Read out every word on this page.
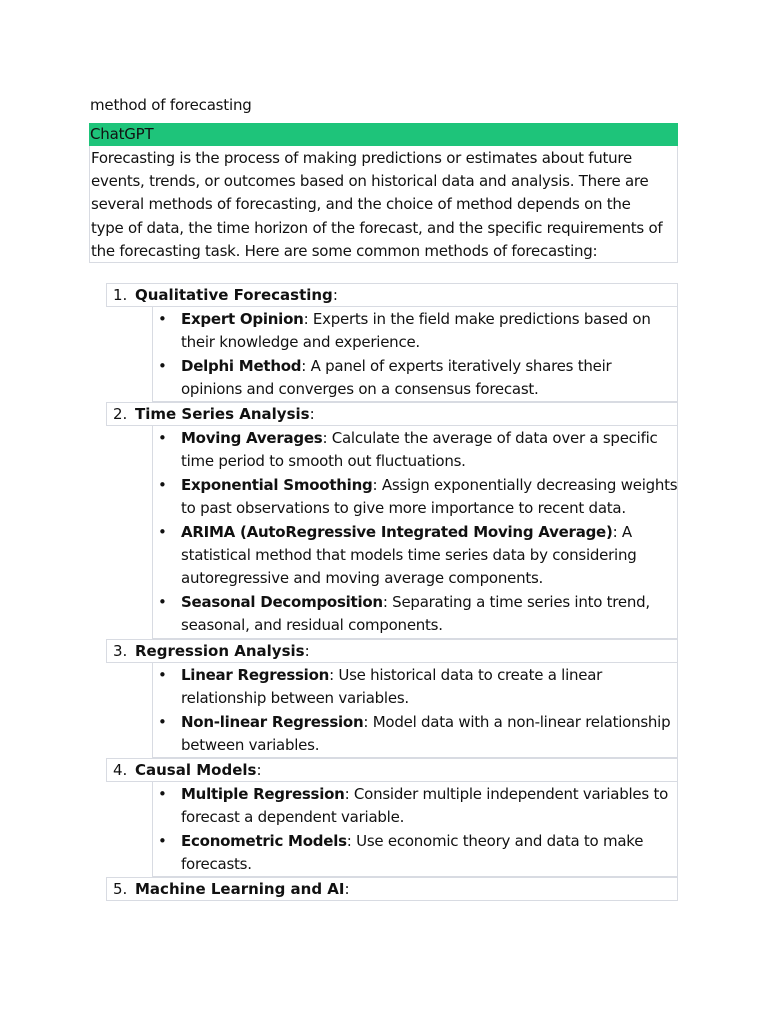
method of forecasting
ChatGPT
Forecasting is the process of making predictions or estimates about future
events, trends, or outcomes based on historical data and analysis. There are
several methods of forecasting, and the choice of method depends on the
type of data, the time horizon of the forecast, and the specific requirements of
the forecasting task. Here are some common methods of forecasting:
1. Qualitative Forecasting:
• Expert Opinion: Experts in the field make predictions based on
their knowledge and experience.
• Delphi Method: A panel of experts iteratively shares their
opinions and converges on a consensus forecast.
2. Time Series Analysis:
• Moving Averages: Calculate the average of data over a specific
time period to smooth out fluctuations.
• Exponential Smoothing: Assign exponentially decreasing weights
to past observations to give more importance to recent data.
• ARIMA (AutoRegressive Integrated Moving Average): A
statistical method that models time series data by considering
autoregressive and moving average components.
• Seasonal Decomposition: Separating a time series into trend,
seasonal, and residual components.
3. Regression Analysis:
• Linear Regression: Use historical data to create a linear
relationship between variables.
• Non-linear Regression: Model data with a non-linear relationship
between variables.
4. Causal Models:
• Multiple Regression: Consider multiple independent variables to
forecast a dependent variable.
• Econometric Models: Use economic theory and data to make
forecasts.
5. Machine Learning and AI:
